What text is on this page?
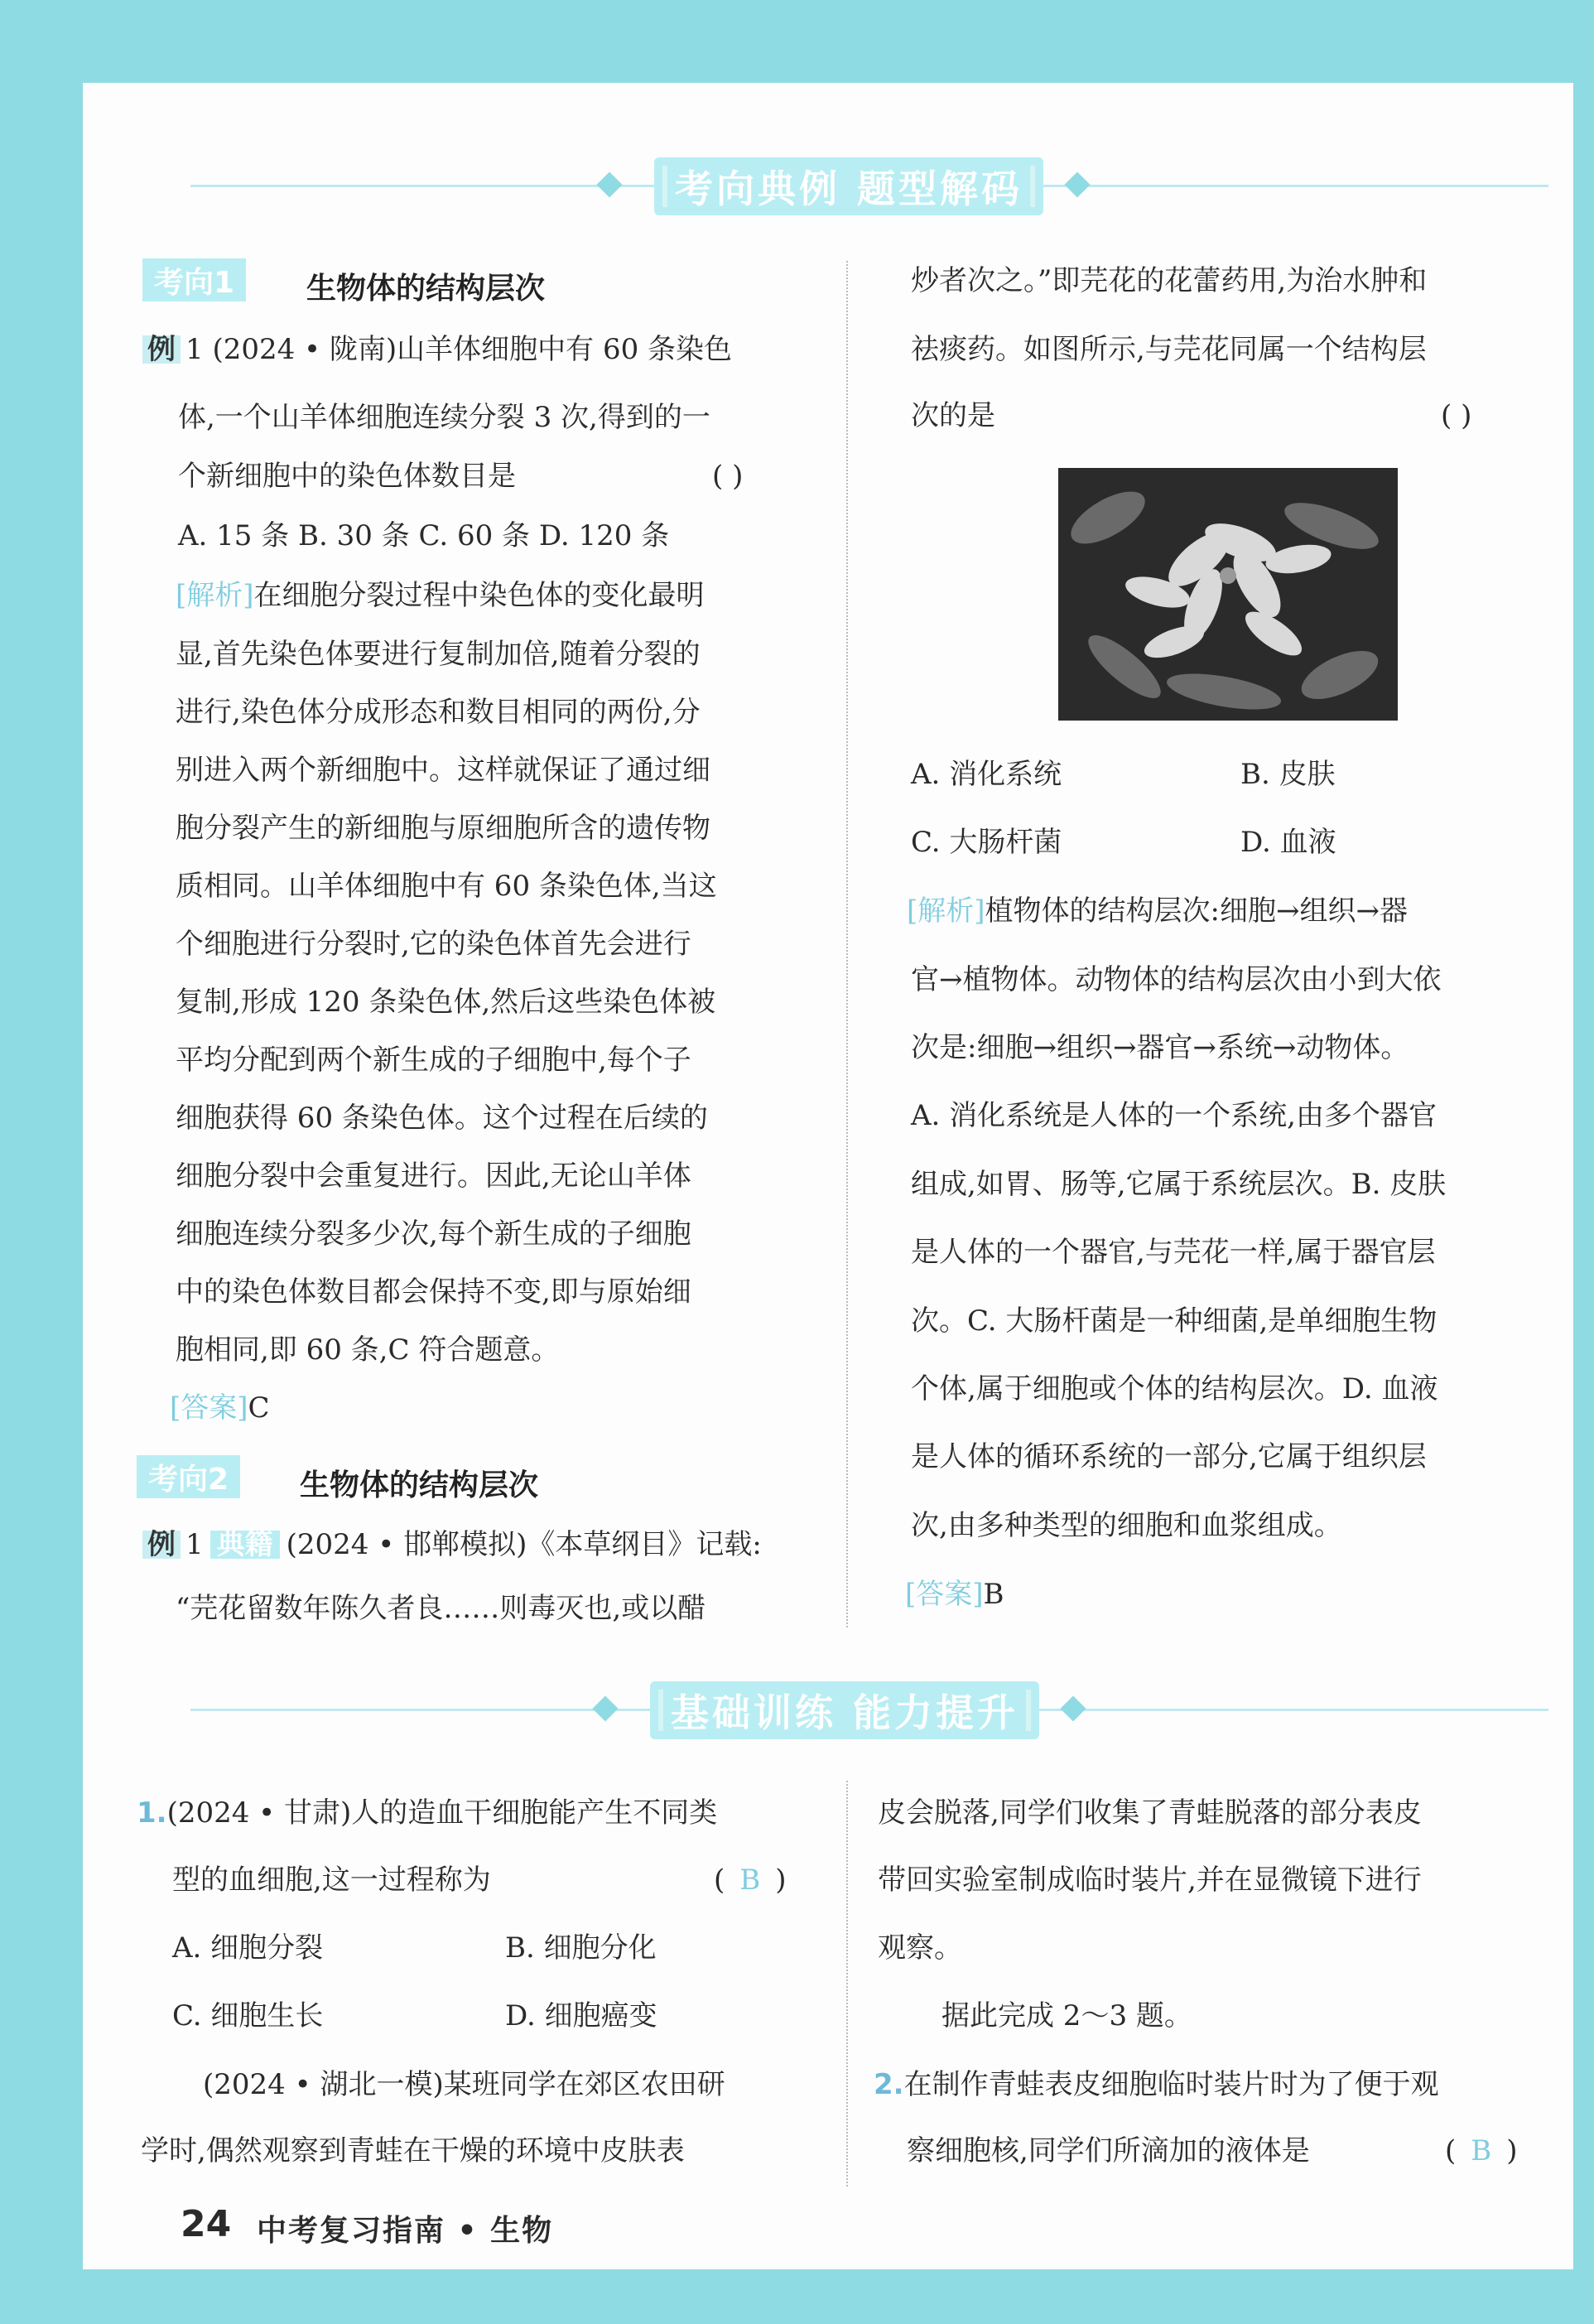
考向典例 题型解码
考向1	生物体的结构层次
例 1 (2024 • 陇南)山羊体细胞中有 60 条染色
体,一个山羊体细胞连续分裂 3 次,得到的一
个新细胞中的染色体数目是	( )
A. 15 条 B. 30 条 C. 60 条 D. 120 条
[解析]在细胞分裂过程中染色体的变化最明
显,首先染色体要进行复制加倍,随着分裂的
进行,染色体分成形态和数目相同的两份,分
别进入两个新细胞中。这样就保证了通过细
胞分裂产生的新细胞与原细胞所含的遗传物
质相同。山羊体细胞中有 60 条染色体,当这
个细胞进行分裂时,它的染色体首先会进行
复制,形成 120 条染色体,然后这些染色体被
平均分配到两个新生成的子细胞中,每个子
细胞获得 60 条染色体。这个过程在后续的
细胞分裂中会重复进行。因此,无论山羊体
细胞连续分裂多少次,每个新生成的子细胞
中的染色体数目都会保持不变,即与原始细
胞相同,即 60 条,C 符合题意。
[答案]C
考向2	生物体的结构层次
例 1 典籍 (2024 • 邯郸模拟)《本草纲目》记载:
“芫花留数年陈久者良……则毒灭也,或以醋
炒者次之。”即芫花的花蕾药用,为治水肿和
祛痰药。如图所示,与芫花同属一个结构层
次的是	( )
A. 消化系统	B. 皮肤
C. 大肠杆菌	D. 血液
[解析]植物体的结构层次:细胞→组织→器
官→植物体。动物体的结构层次由小到大依
次是:细胞→组织→器官→系统→动物体。
A. 消化系统是人体的一个系统,由多个器官
组成,如胃、肠等,它属于系统层次。B. 皮肤
是人体的一个器官,与芫花一样,属于器官层
次。C. 大肠杆菌是一种细菌,是单细胞生物
个体,属于细胞或个体的结构层次。D. 血液
是人体的循环系统的一部分,它属于组织层
次,由多种类型的细胞和血浆组成。
[答案]B
基础训练 能力提升
1.(2024 • 甘肃)人的造血干细胞能产生不同类
型的血细胞,这一过程称为	( B )
A. 细胞分裂	B. 细胞分化
C. 细胞生长	D. 细胞癌变
(2024 • 湖北一模)某班同学在郊区农田研
学时,偶然观察到青蛙在干燥的环境中皮肤表
皮会脱落,同学们收集了青蛙脱落的部分表皮
带回实验室制成临时装片,并在显微镜下进行
观察。
据此完成 2～3 题。
2.在制作青蛙表皮细胞临时装片时为了便于观
察细胞核,同学们所滴加的液体是	( B )
24 中考复习指南 • 生物
